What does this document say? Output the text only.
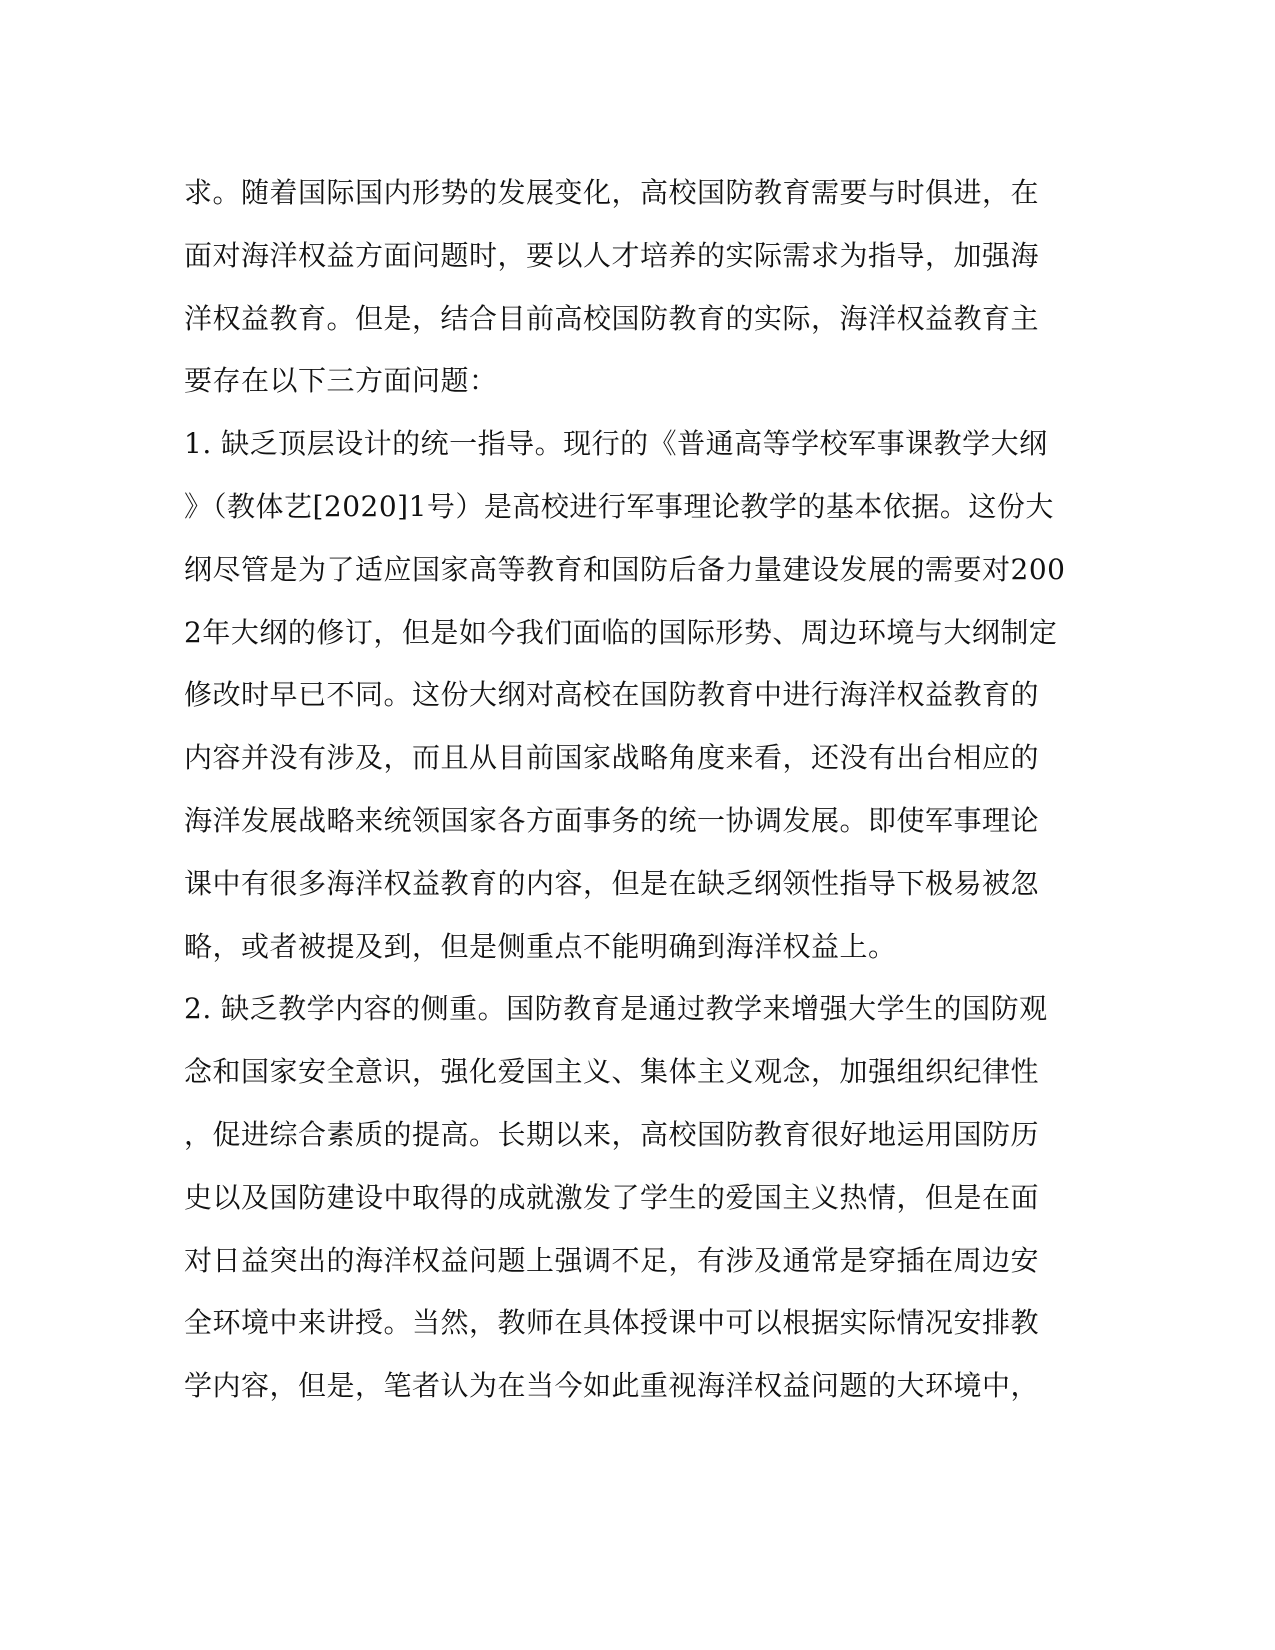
求。随着国际国内形势的发展变化，高校国防教育需要与时俱进，在
面对海洋权益方面问题时，要以人才培养的实际需求为指导，加强海
洋权益教育。但是，结合目前高校国防教育的实际，海洋权益教育主
要存在以下三方面问题：
1. 缺乏顶层设计的统一指导。现行的《普通高等学校军事课教学大纲
》（教体艺[2020]1号）是高校进行军事理论教学的基本依据。这份大
纲尽管是为了适应国家高等教育和国防后备力量建设发展的需要对200
2年大纲的修订，但是如今我们面临的国际形势、周边环境与大纲制定
修改时早已不同。这份大纲对高校在国防教育中进行海洋权益教育的
内容并没有涉及，而且从目前国家战略角度来看，还没有出台相应的
海洋发展战略来统领国家各方面事务的统一协调发展。即使军事理论
课中有很多海洋权益教育的内容，但是在缺乏纲领性指导下极易被忽
略，或者被提及到，但是侧重点不能明确到海洋权益上。
2. 缺乏教学内容的侧重。国防教育是通过教学来增强大学生的国防观
念和国家安全意识，强化爱国主义、集体主义观念，加强组织纪律性
，促进综合素质的提高。长期以来，高校国防教育很好地运用国防历
史以及国防建设中取得的成就激发了学生的爱国主义热情，但是在面
对日益突出的海洋权益问题上强调不足，有涉及通常是穿插在周边安
全环境中来讲授。当然，教师在具体授课中可以根据实际情况安排教
学内容，但是，笔者认为在当今如此重视海洋权益问题的大环境中，
